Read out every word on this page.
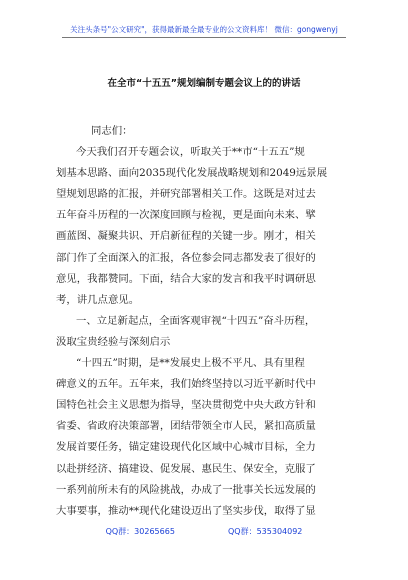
关注头条号"公文研究"，获得最新最全最专业的公文资料库！ 微信：gongwenyj
在全市“十五五”规划编制专题会议上的的讲话

同志们：

今天我们召开专题会议，听取关于**市“十五五”规

划基本思路、面向2035现代化发展战略规划和2049远景展

望规划思路的汇报，并研究部署相关工作。这既是对过去

五年奋斗历程的一次深度回顾与检视，更是面向未来、擘

画蓝图、凝聚共识、开启新征程的关键一步。刚才，相关

部门作了全面深入的汇报，各位参会同志都发表了很好的

意见，我都赞同。下面，结合大家的发言和我平时调研思

考，讲几点意见。

一、立足新起点，全面客观审视“十四五”奋斗历程，

汲取宝贵经验与深刻启示

“十四五”时期，是**发展史上极不平凡、具有里程

碑意义的五年。五年来，我们始终坚持以习近平新时代中

国特色社会主义思想为指导，坚决贯彻党中央大政方针和

省委、省政府决策部署，团结带领全市人民，紧扣高质量

发展首要任务，锚定建设现代化区域中心城市目标，全力

以赴拼经济、搞建设、促发展、惠民生、保安全，克服了

一系列前所未有的风险挑战，办成了一批事关长远发展的

大事要事，推动**现代化建设迈出了坚实步伐，取得了显

QQ群：30265665	QQ群：535304092
